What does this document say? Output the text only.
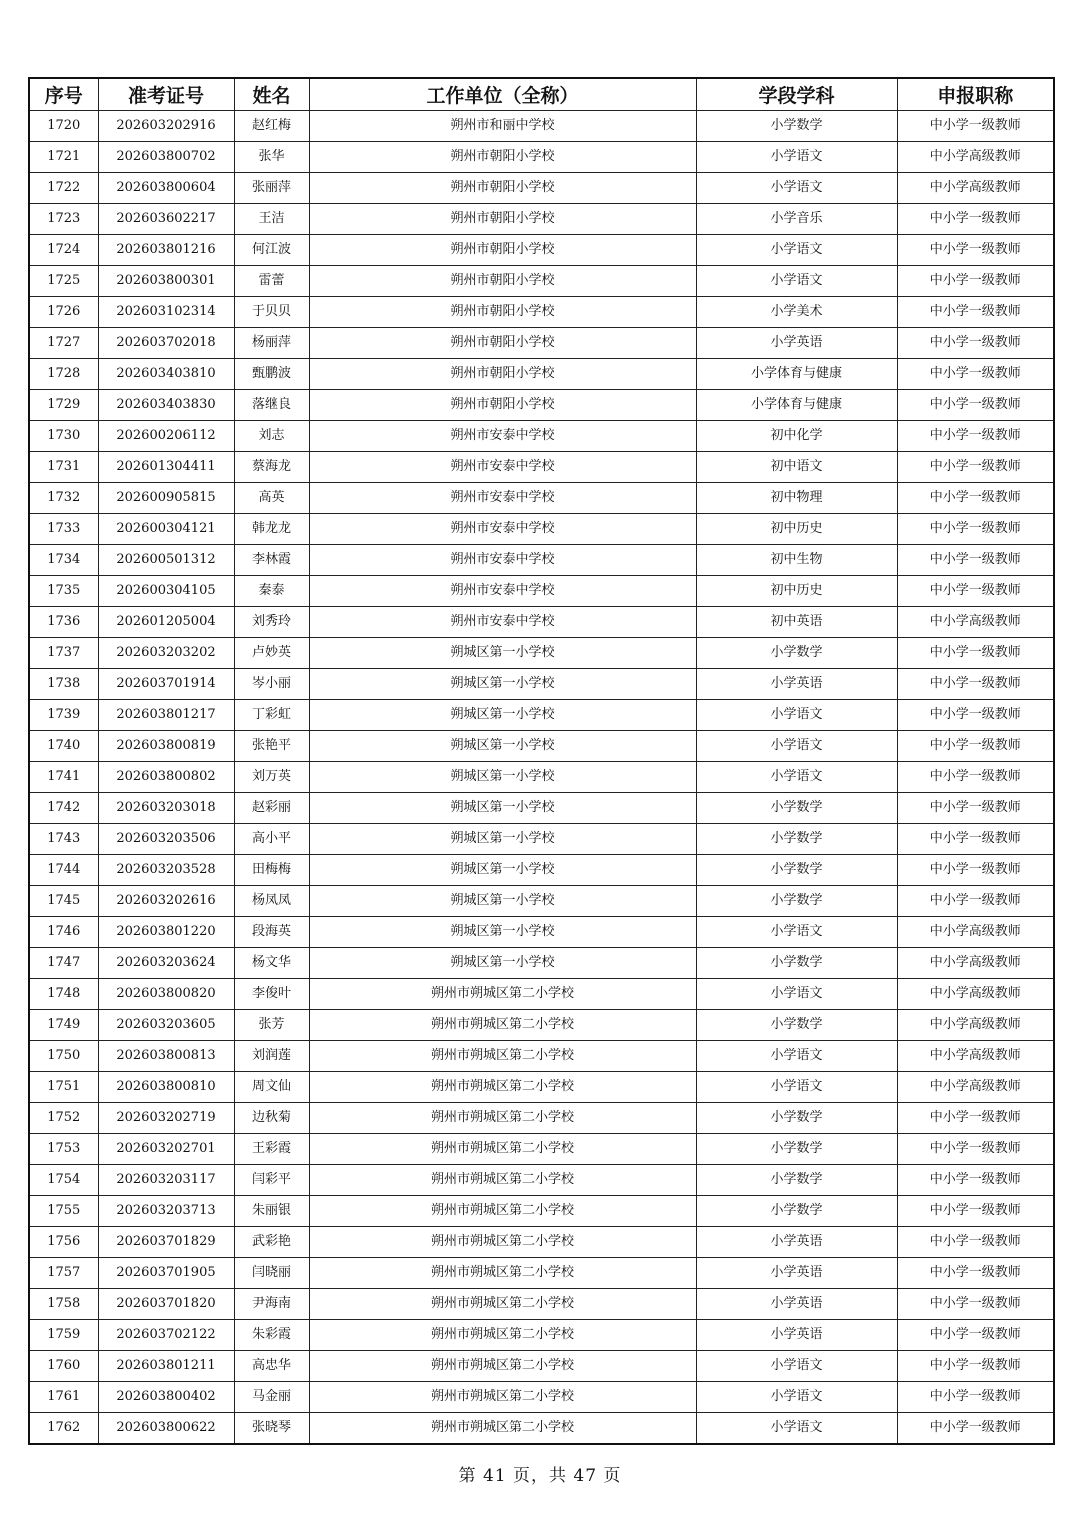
序号	准考证号	姓名	工作单位（全称）	学段学科	申报职称
1720	202603202916	赵红梅	朔州市和丽中学校	小学数学	中小学一级教师
1721	202603800702	张华	朔州市朝阳小学校	小学语文	中小学高级教师
1722	202603800604	张丽萍	朔州市朝阳小学校	小学语文	中小学高级教师
1723	202603602217	王洁	朔州市朝阳小学校	小学音乐	中小学一级教师
1724	202603801216	何江波	朔州市朝阳小学校	小学语文	中小学一级教师
1725	202603800301	雷蕾	朔州市朝阳小学校	小学语文	中小学一级教师
1726	202603102314	于贝贝	朔州市朝阳小学校	小学美术	中小学一级教师
1727	202603702018	杨丽萍	朔州市朝阳小学校	小学英语	中小学一级教师
1728	202603403810	甄鹏波	朔州市朝阳小学校	小学体育与健康	中小学一级教师
1729	202603403830	落继良	朔州市朝阳小学校	小学体育与健康	中小学一级教师
1730	202600206112	刘志	朔州市安泰中学校	初中化学	中小学一级教师
1731	202601304411	蔡海龙	朔州市安泰中学校	初中语文	中小学一级教师
1732	202600905815	高英	朔州市安泰中学校	初中物理	中小学一级教师
1733	202600304121	韩龙龙	朔州市安泰中学校	初中历史	中小学一级教师
1734	202600501312	李林霞	朔州市安泰中学校	初中生物	中小学一级教师
1735	202600304105	秦泰	朔州市安泰中学校	初中历史	中小学一级教师
1736	202601205004	刘秀玲	朔州市安泰中学校	初中英语	中小学高级教师
1737	202603203202	卢妙英	朔城区第一小学校	小学数学	中小学一级教师
1738	202603701914	岑小丽	朔城区第一小学校	小学英语	中小学一级教师
1739	202603801217	丁彩虹	朔城区第一小学校	小学语文	中小学一级教师
1740	202603800819	张艳平	朔城区第一小学校	小学语文	中小学一级教师
1741	202603800802	刘万英	朔城区第一小学校	小学语文	中小学一级教师
1742	202603203018	赵彩丽	朔城区第一小学校	小学数学	中小学一级教师
1743	202603203506	高小平	朔城区第一小学校	小学数学	中小学一级教师
1744	202603203528	田梅梅	朔城区第一小学校	小学数学	中小学一级教师
1745	202603202616	杨凤凤	朔城区第一小学校	小学数学	中小学一级教师
1746	202603801220	段海英	朔城区第一小学校	小学语文	中小学高级教师
1747	202603203624	杨文华	朔城区第一小学校	小学数学	中小学高级教师
1748	202603800820	李俊叶	朔州市朔城区第二小学校	小学语文	中小学高级教师
1749	202603203605	张芳	朔州市朔城区第二小学校	小学数学	中小学高级教师
1750	202603800813	刘润莲	朔州市朔城区第二小学校	小学语文	中小学高级教师
1751	202603800810	周文仙	朔州市朔城区第二小学校	小学语文	中小学高级教师
1752	202603202719	边秋菊	朔州市朔城区第二小学校	小学数学	中小学一级教师
1753	202603202701	王彩霞	朔州市朔城区第二小学校	小学数学	中小学一级教师
1754	202603203117	闫彩平	朔州市朔城区第二小学校	小学数学	中小学一级教师
1755	202603203713	朱丽银	朔州市朔城区第二小学校	小学数学	中小学一级教师
1756	202603701829	武彩艳	朔州市朔城区第二小学校	小学英语	中小学一级教师
1757	202603701905	闫晓丽	朔州市朔城区第二小学校	小学英语	中小学一级教师
1758	202603701820	尹海南	朔州市朔城区第二小学校	小学英语	中小学一级教师
1759	202603702122	朱彩霞	朔州市朔城区第二小学校	小学英语	中小学一级教师
1760	202603801211	高忠华	朔州市朔城区第二小学校	小学语文	中小学一级教师
1761	202603800402	马金丽	朔州市朔城区第二小学校	小学语文	中小学一级教师
1762	202603800622	张晓琴	朔州市朔城区第二小学校	小学语文	中小学一级教师
第 41 页，共 47 页
